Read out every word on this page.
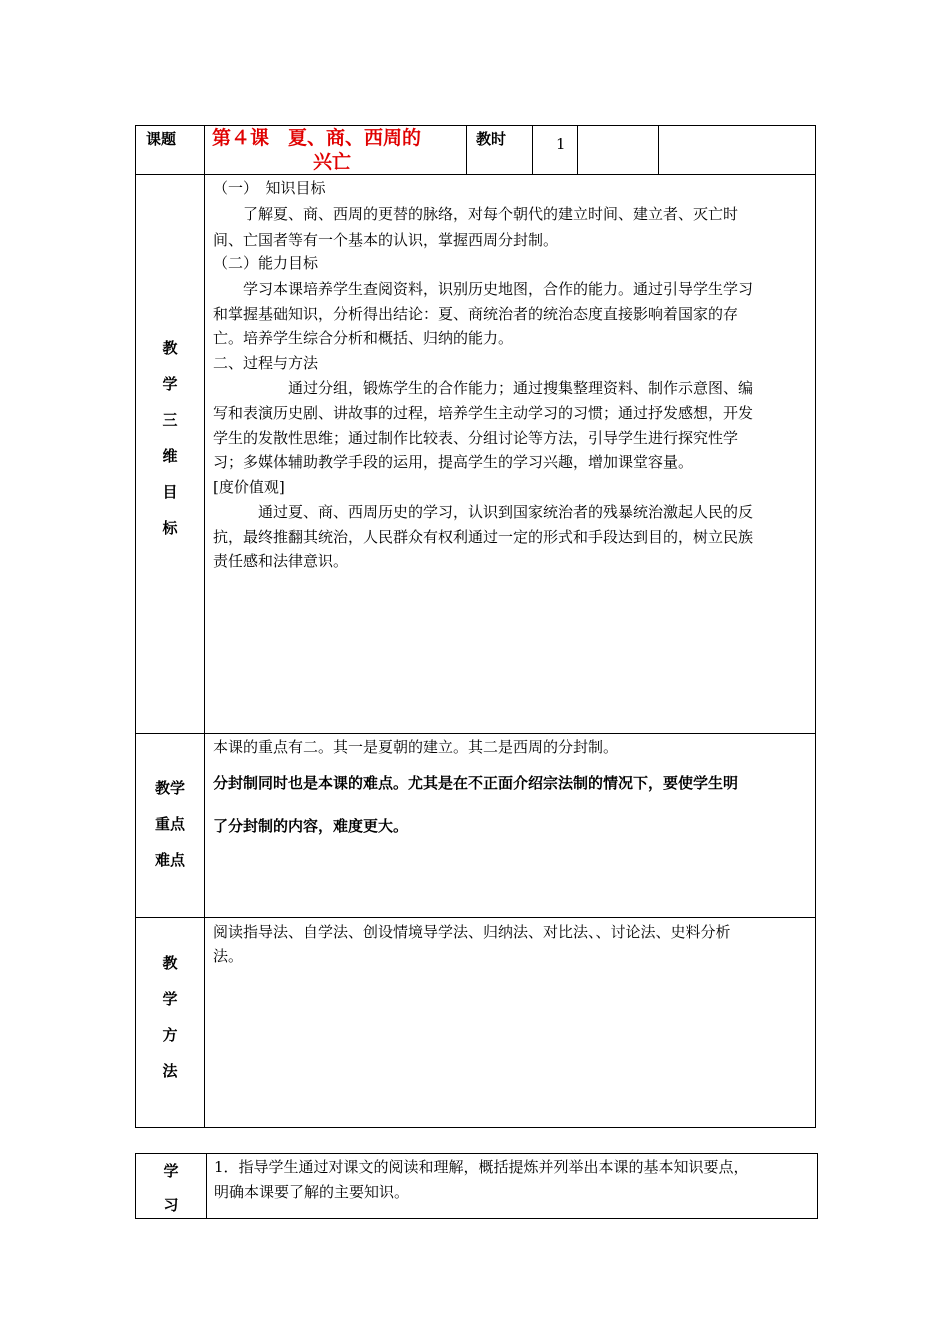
课题 第４课　夏、商、西周的
兴亡
教时	1
教
学
三
维
目
标
（一）　知识目标
　　了解夏、商、西周的更替的脉络，对每个朝代的建立时间、建立者、灭亡时
间、亡国者等有一个基本的认识，掌握西周分封制。
（二）能力目标
　　学习本课培养学生查阅资料，识别历史地图，合作的能力。通过引导学生学习
和掌握基础知识，分析得出结论：夏、商统治者的统治态度直接影响着国家的存
亡。培养学生综合分析和概括、归纳的能力。
二、过程与方法
　　　　　通过分组，锻炼学生的合作能力；通过搜集整理资料、制作示意图、编
写和表演历史剧、讲故事的过程，培养学生主动学习的习惯；通过抒发感想，开发
学生的发散性思维；通过制作比较表、分组讨论等方法，引导学生进行探究性学
习；多媒体辅助教学手段的运用，提高学生的学习兴趣，增加课堂容量。
[度价值观]
　　　通过夏、商、西周历史的学习，认识到国家统治者的残暴统治激起人民的反
抗，最终推翻其统治，人民群众有权利通过一定的形式和手段达到目的，树立民族
责任感和法律意识。
教学
重点
难点
本课的重点有二。其一是夏朝的建立。其二是西周的分封制。
分封制同时也是本课的难点。尤其是在不正面介绍宗法制的情况下，要使学生明
了分封制的内容，难度更大。
教
学
方
法
阅读指导法、自学法、创设情境导学法、归纳法、对比法、、讨论法、史料分析
法。
学
习
1．指导学生通过对课文的阅读和理解，概括提炼并列举出本课的基本知识要点，
明确本课要了解的主要知识。
